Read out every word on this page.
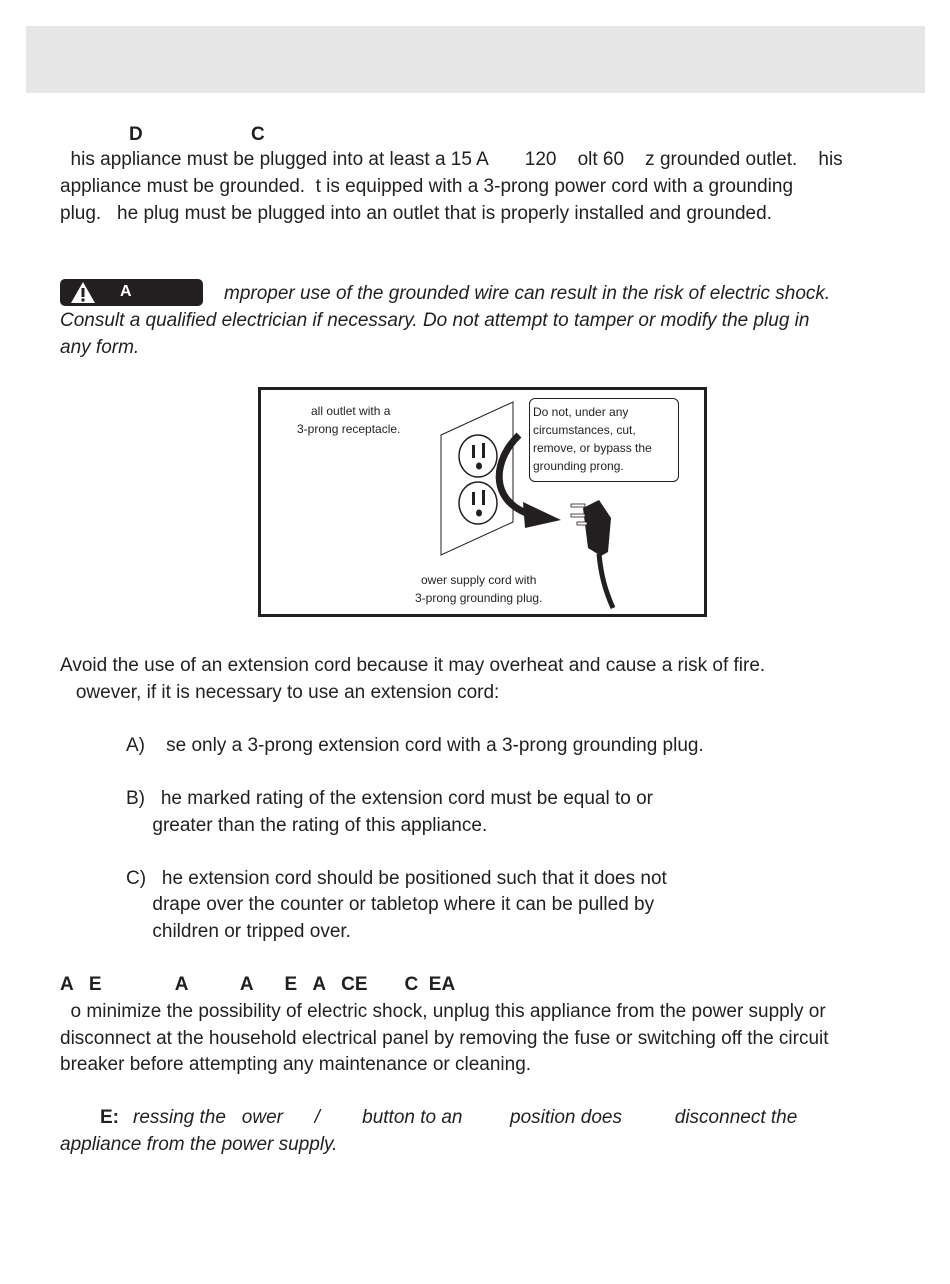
D	C
his appliance must be plugged into at least a 15 A       120    olt 60    z grounded outlet.    his
appliance must be grounded.  t is equipped with a 3-prong power cord with a grounding
plug.   he plug must be plugged into an outlet that is properly installed and grounded.
A	mproper use of the grounded wire can result in the risk of electric shock.
Consult a qualified electrician if necessary. Do not attempt to tamper or modify the plug in
any form.
all outlet with a
3-prong receptacle.
Do not, under any
circumstances, cut,
remove, or bypass the
grounding prong.
ower supply cord with
3-prong grounding plug.
Avoid the use of an extension cord because it may overheat and cause a risk of fire.
owever, if it is necessary to use an extension cord:
A)    se only a 3-prong extension cord with a 3-prong grounding plug.
B)   he marked rating of the extension cord must be equal to or
greater than the rating of this appliance.
C)   he extension cord should be positioned such that it does not
drape over the counter or tabletop where it can be pulled by
children or tripped over.
A   E              A          A      E   A   CE       C  EA
o minimize the possibility of electric shock, unplug this appliance from the power supply or
disconnect at the household electrical panel by removing the fuse or switching off the circuit
breaker before attempting any maintenance or cleaning.
E: ressing the   ower      /        button to an         position does          disconnect the
appliance from the power supply.
